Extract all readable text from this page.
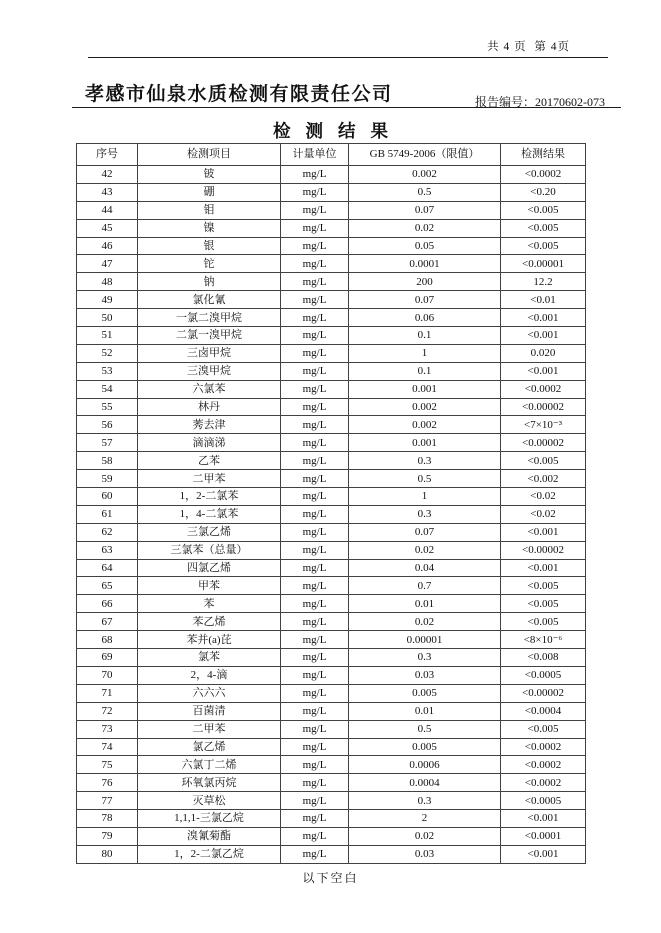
共 4 页  第 4页
孝感市仙泉水质检测有限责任公司	报告编号：20170602-073
检测结果
序号	检测项目	计量单位	GB 5749-2006（限值）	检测结果
42	铍	mg/L	0.002	<0.0002
43	硼	mg/L	0.5	<0.20
44	钼	mg/L	0.07	<0.005
45	镍	mg/L	0.02	<0.005
46	银	mg/L	0.05	<0.005
47	铊	mg/L	0.0001	<0.00001
48	钠	mg/L	200	12.2
49	氯化氰	mg/L	0.07	<0.01
50	一氯二溴甲烷	mg/L	0.06	<0.001
51	二氯一溴甲烷	mg/L	0.1	<0.001
52	三卤甲烷	mg/L	1	0.020
53	三溴甲烷	mg/L	0.1	<0.001
54	六氯苯	mg/L	0.001	<0.0002
55	林丹	mg/L	0.002	<0.00002
56	莠去津	mg/L	0.002	<7×10⁻³
57	滴滴涕	mg/L	0.001	<0.00002
58	乙苯	mg/L	0.3	<0.005
59	二甲苯	mg/L	0.5	<0.002
60	1，2-二氯苯	mg/L	1	<0.02
61	1，4-二氯苯	mg/L	0.3	<0.02
62	三氯乙烯	mg/L	0.07	<0.001
63	三氯苯（总量）	mg/L	0.02	<0.00002
64	四氯乙烯	mg/L	0.04	<0.001
65	甲苯	mg/L	0.7	<0.005
66	苯	mg/L	0.01	<0.005
67	苯乙烯	mg/L	0.02	<0.005
68	苯并(a)芘	mg/L	0.00001	<8×10⁻⁶
69	氯苯	mg/L	0.3	<0.008
70	2，4-滴	mg/L	0.03	<0.0005
71	六六六	mg/L	0.005	<0.00002
72	百菌清	mg/L	0.01	<0.0004
73	二甲苯	mg/L	0.5	<0.005
74	氯乙烯	mg/L	0.005	<0.0002
75	六氯丁二烯	mg/L	0.0006	<0.0002
76	环氧氯丙烷	mg/L	0.0004	<0.0002
77	灭草松	mg/L	0.3	<0.0005
78	1,1,1-三氯乙烷	mg/L	2	<0.001
79	溴氰菊酯	mg/L	0.02	<0.0001
80	1，2-二氯乙烷	mg/L	0.03	<0.001
以下空白
